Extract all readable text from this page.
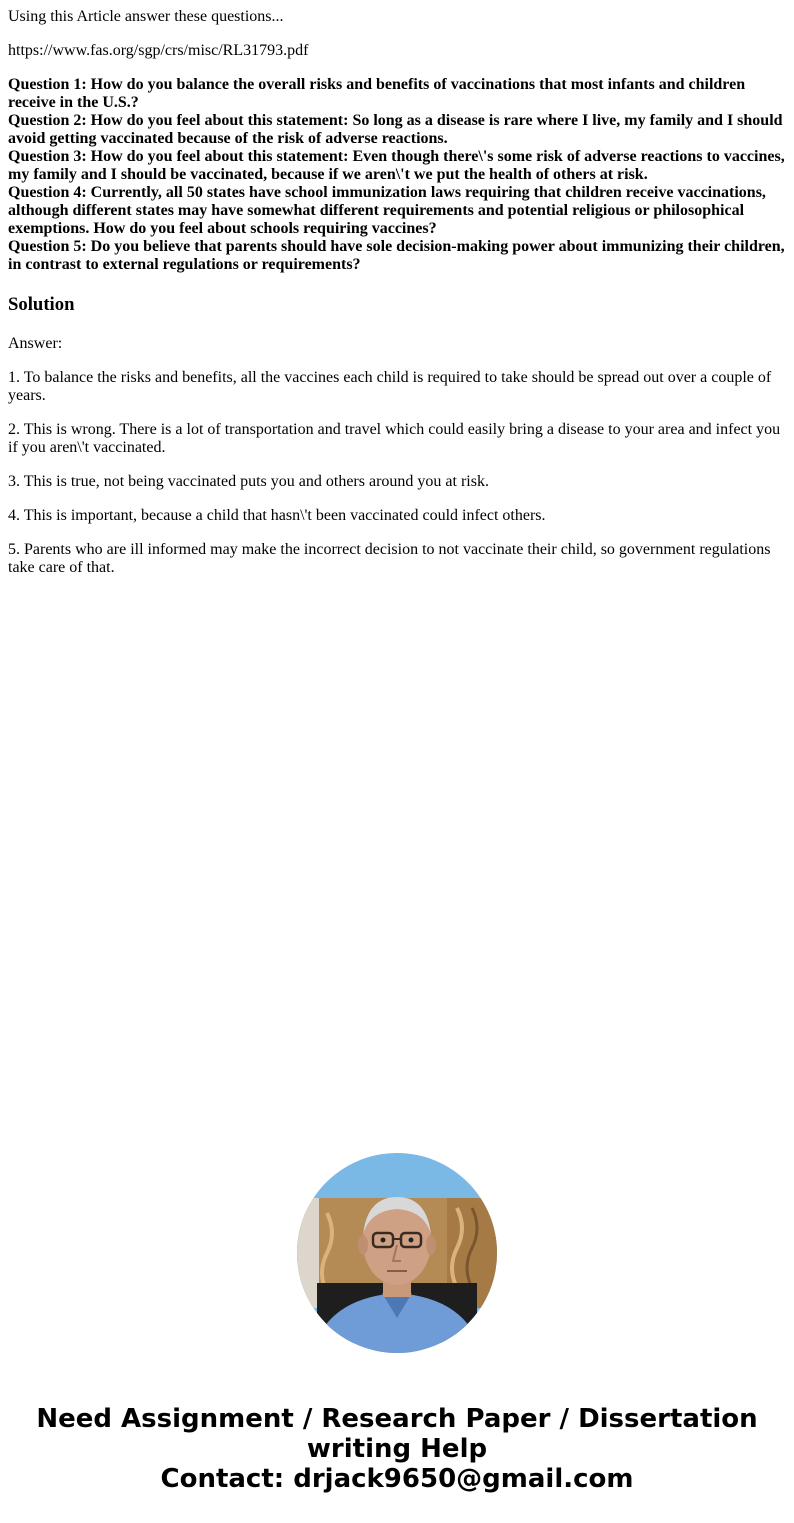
Using this Article answer these questions...

https://www.fas.org/sgp/crs/misc/RL31793.pdf

Question 1: How do you balance the overall risks and benefits of vaccinations that most infants and children receive in the U.S.?
Question 2: How do you feel about this statement: So long as a disease is rare where I live, my family and I should avoid getting vaccinated because of the risk of adverse reactions.
Question 3: How do you feel about this statement: Even though there\'s some risk of adverse reactions to vaccines, my family and I should be vaccinated, because if we aren\'t we put the health of others at risk.
Question 4: Currently, all 50 states have school immunization laws requiring that children receive vaccinations, although different states may have somewhat different requirements and potential religious or philosophical exemptions. How do you feel about schools requiring vaccines?
Question 5: Do you believe that parents should have sole decision-making power about immunizing their children, in contrast to external regulations or requirements?
Solution

Answer:

1. To balance the risks and benefits, all the vaccines each child is required to take should be spread out over a couple of years.

2. This is wrong. There is a lot of transportation and travel which could easily bring a disease to your area and infect you if you aren\'t vaccinated.

3. This is true, not being vaccinated puts you and others around you at risk.

4. This is important, because a child that hasn\'t been vaccinated could infect others.

5. Parents who are ill informed may make the incorrect decision to not vaccinate their child, so government regulations take care of that.

Need Assignment / Research Paper / Dissertation
writing Help
Contact: drjack9650@gmail.com
